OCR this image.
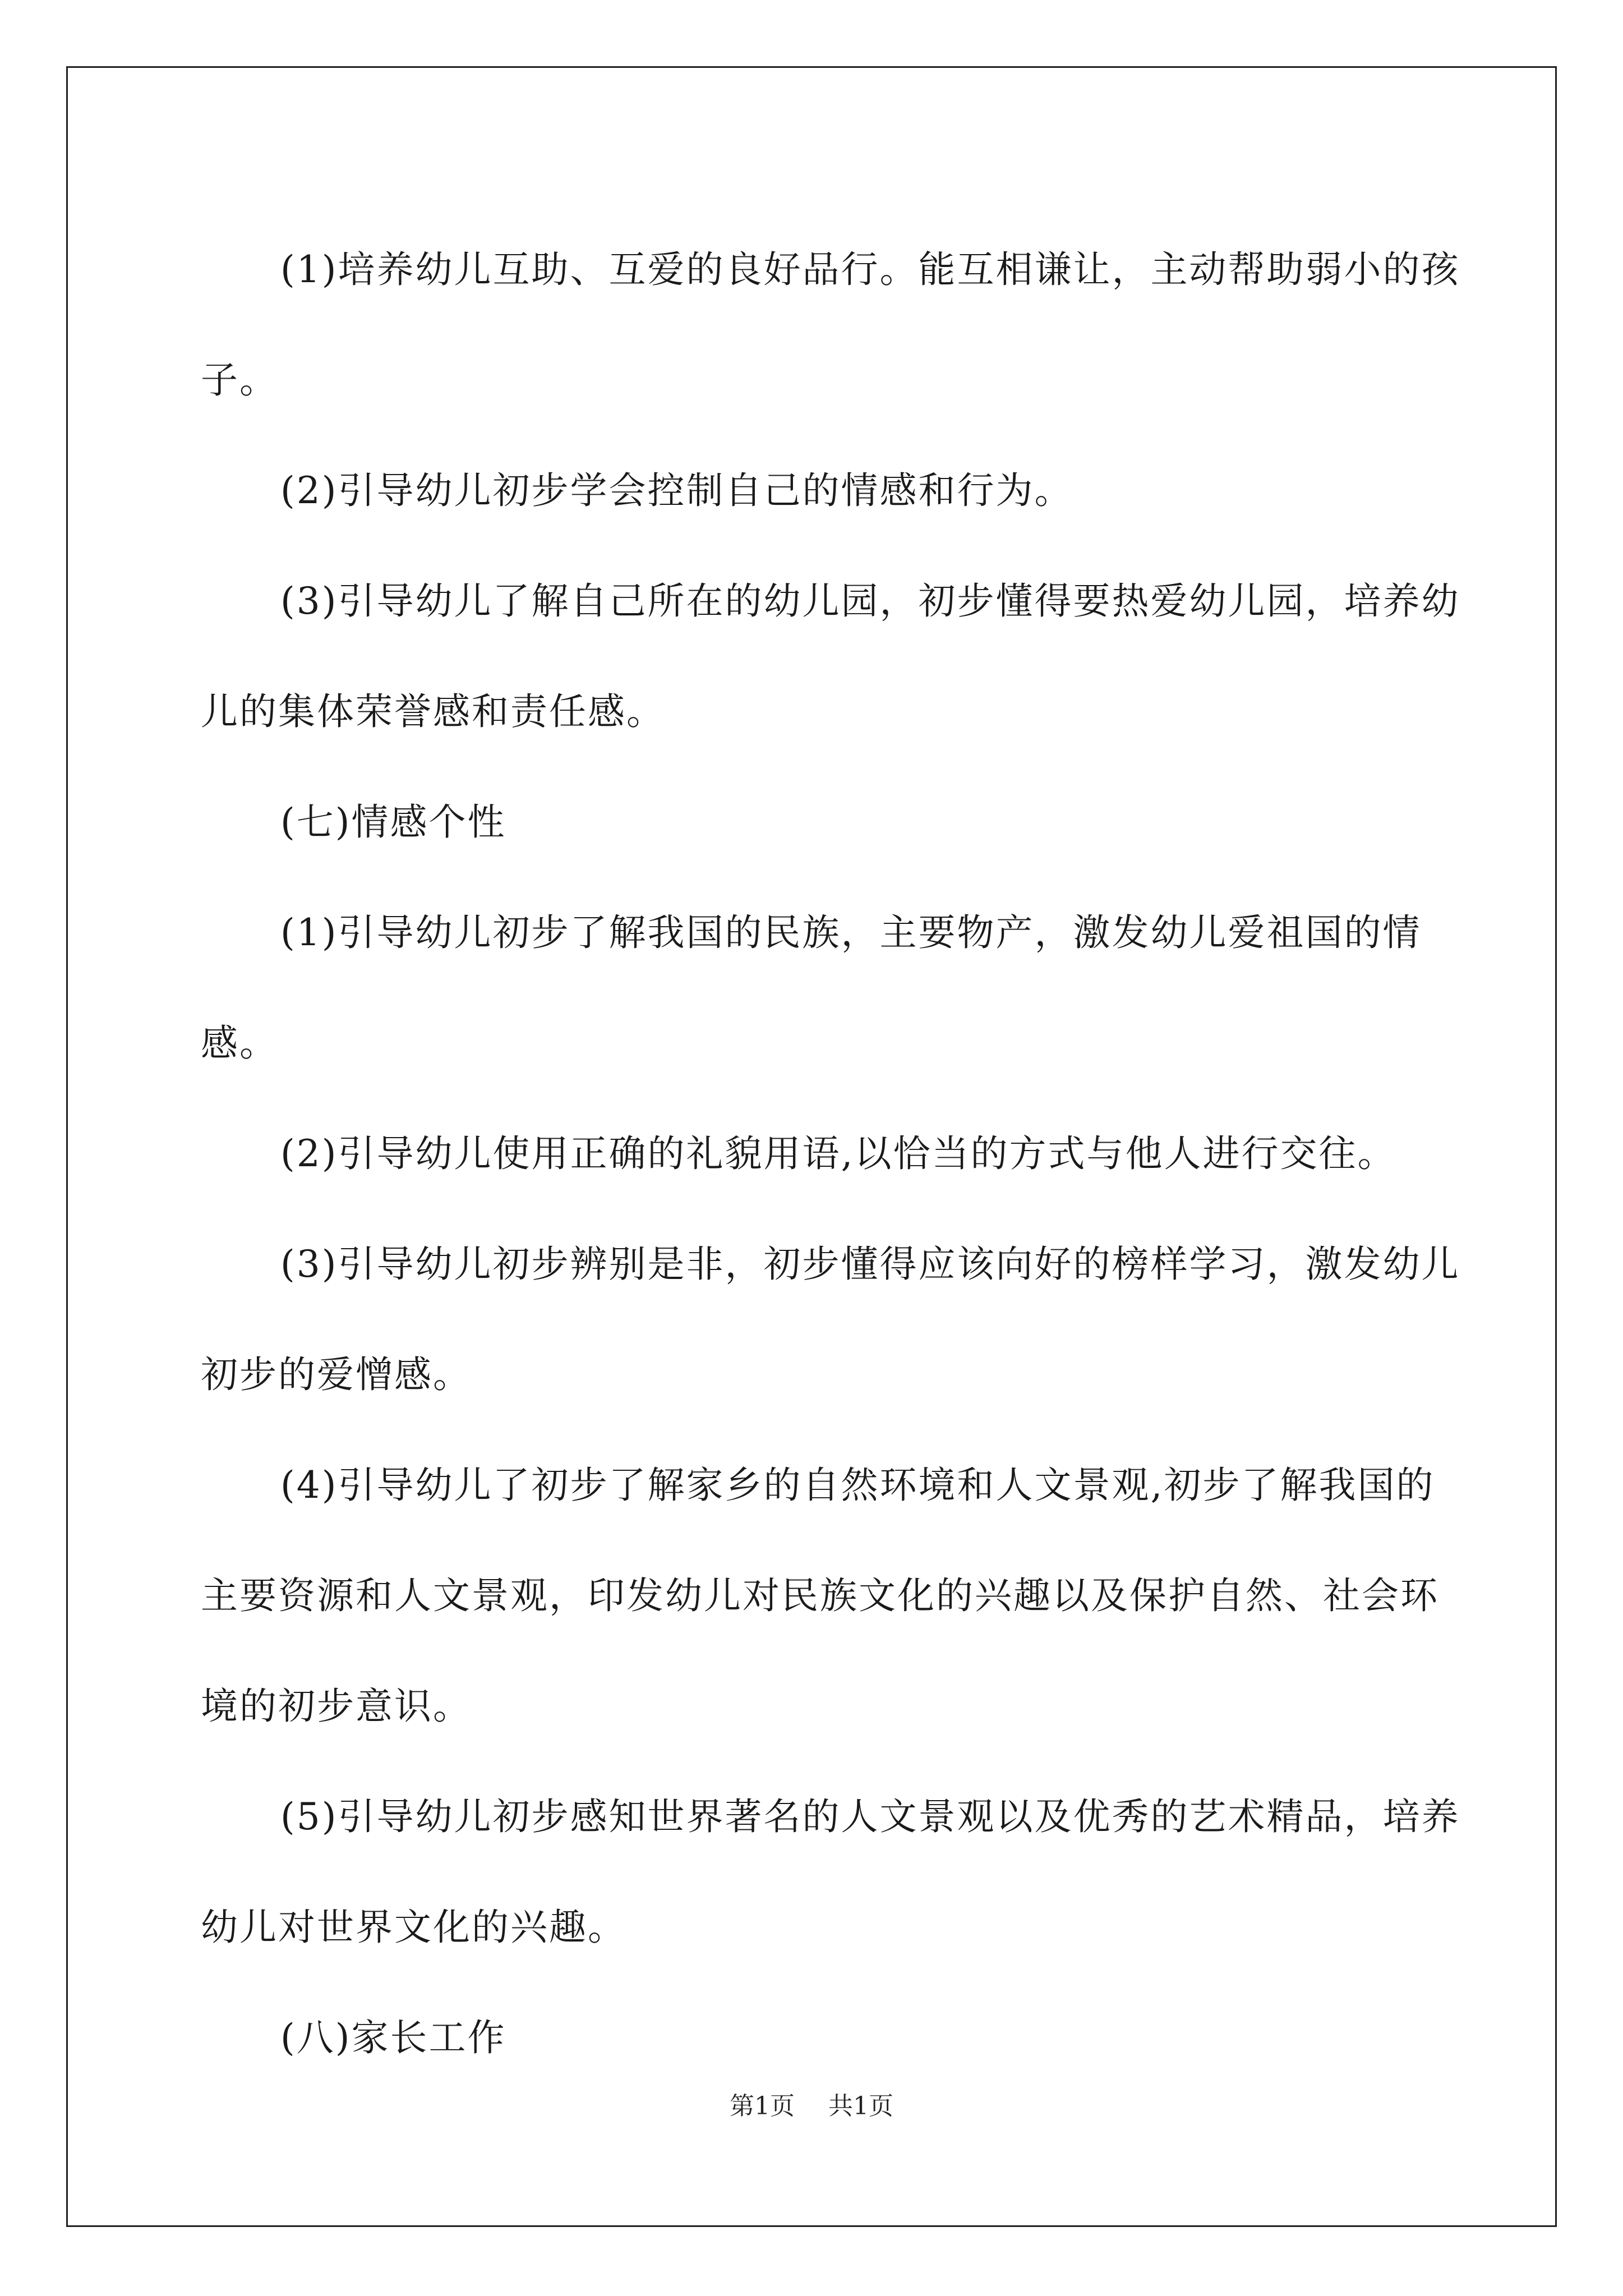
(1)培养幼儿互助、互爱的良好品行。能互相谦让，主动帮助弱小的孩子。

(2)引导幼儿初步学会控制自己的情感和行为。

(3)引导幼儿了解自己所在的幼儿园，初步懂得要热爱幼儿园，培养幼儿的集体荣誉感和责任感。

(七)情感个性

(1)引导幼儿初步了解我国的民族，主要物产，激发幼儿爱祖国的情感。

(2)引导幼儿使用正确的礼貌用语,以恰当的方式与他人进行交往。

(3)引导幼儿初步辨别是非，初步懂得应该向好的榜样学习，激发幼儿初步的爱憎感。

(4)引导幼儿了初步了解家乡的自然环境和人文景观,初步了解我国的主要资源和人文景观，印发幼儿对民族文化的兴趣以及保护自然、社会环境的初步意识。

(5)引导幼儿初步感知世界著名的人文景观以及优秀的艺术精品，培养幼儿对世界文化的兴趣。

(八)家长工作

第1页 共1页
